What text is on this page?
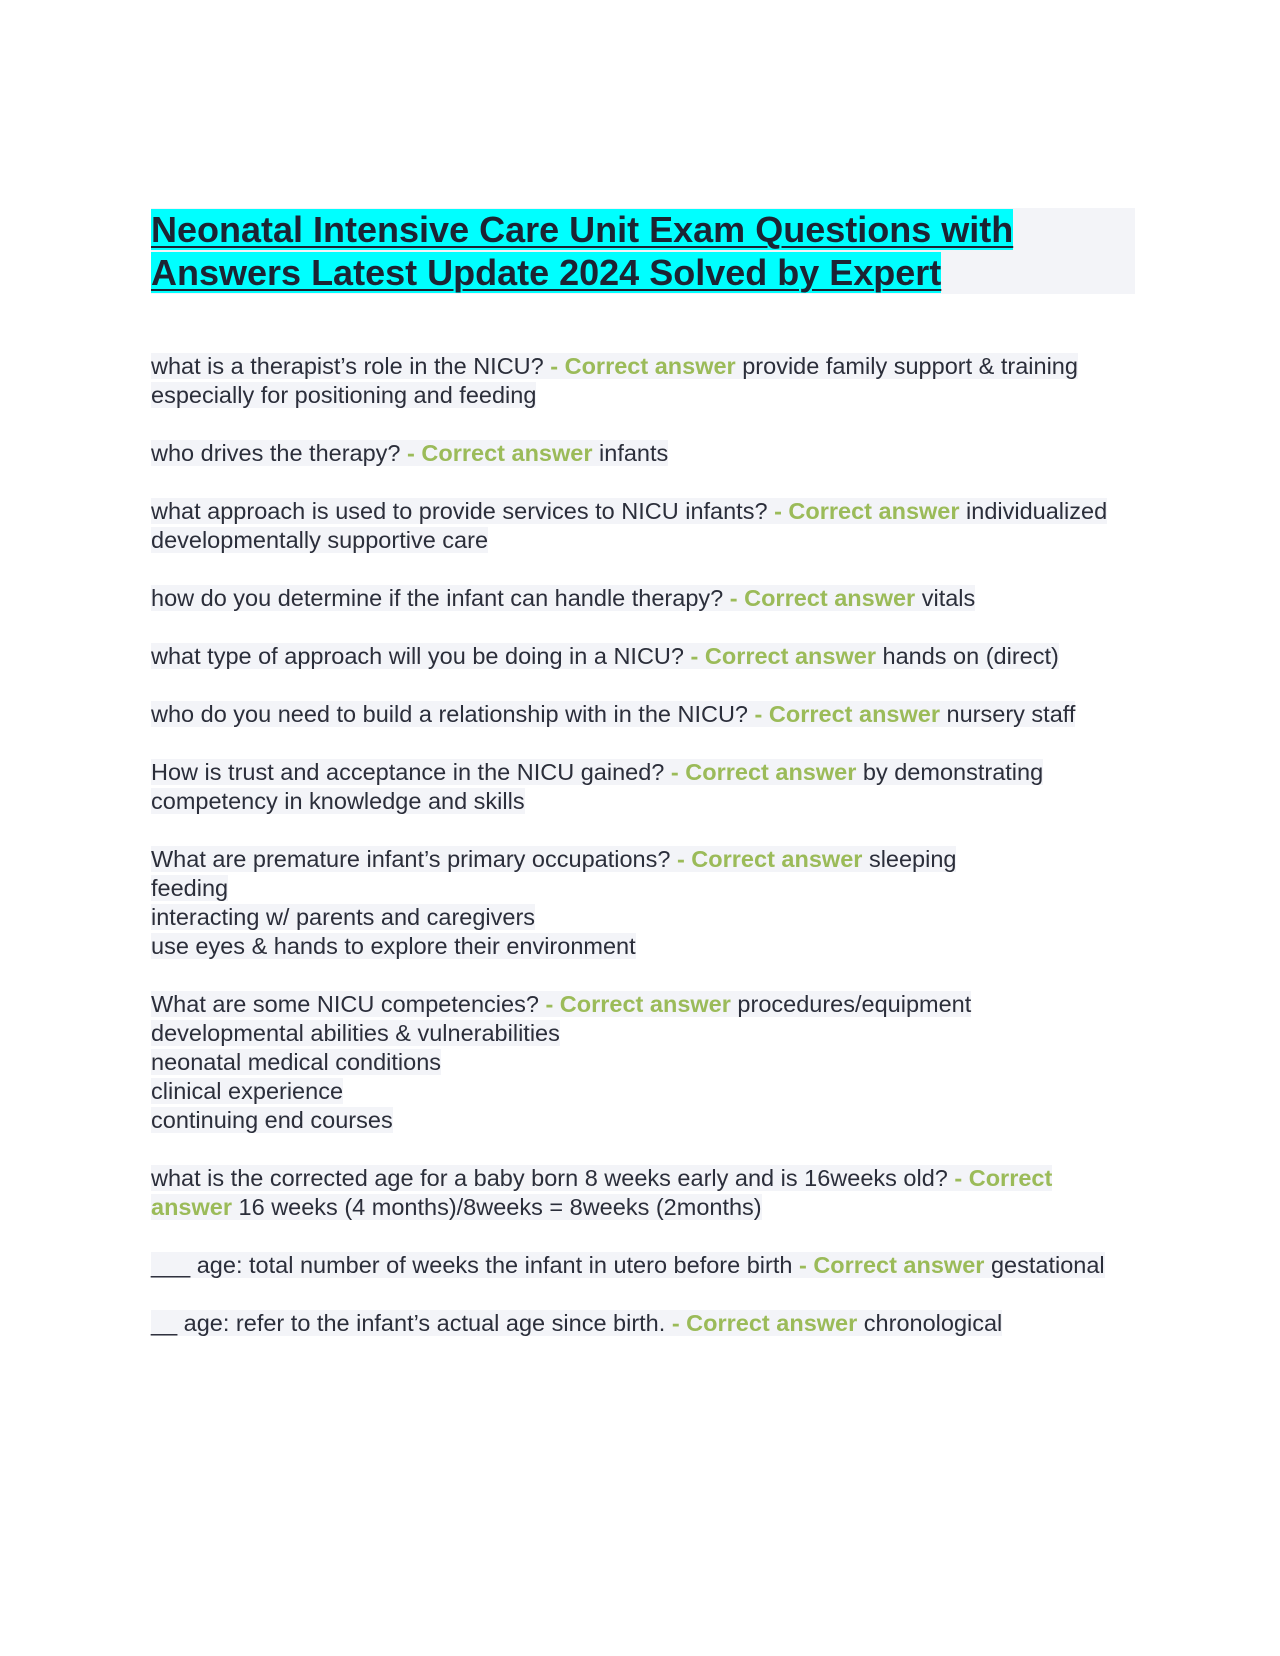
Neonatal Intensive Care Unit Exam Questions with Answers Latest Update 2024 Solved by Expert

what is a therapist’s role in the NICU? - Correct answer provide family support & training especially for positioning and feeding

who drives the therapy? - Correct answer infants

what approach is used to provide services to NICU infants? - Correct answer individualized developmentally supportive care

how do you determine if the infant can handle therapy? - Correct answer vitals

what type of approach will you be doing in a NICU? - Correct answer hands on (direct)

who do you need to build a relationship with in the NICU? - Correct answer nursery staff

How is trust and acceptance in the NICU gained? - Correct answer by demonstrating competency in knowledge and skills

What are premature infant’s primary occupations? - Correct answer sleeping
feeding
interacting w/ parents and caregivers
use eyes & hands to explore their environment

What are some NICU competencies? - Correct answer procedures/equipment
developmental abilities & vulnerabilities
neonatal medical conditions
clinical experience
continuing end courses

what is the corrected age for a baby born 8 weeks early and is 16weeks old? - Correct answer 16 weeks (4 months)/8weeks = 8weeks (2months)

___ age: total number of weeks the infant in utero before birth - Correct answer gestational

__ age: refer to the infant’s actual age since birth. - Correct answer chronological
